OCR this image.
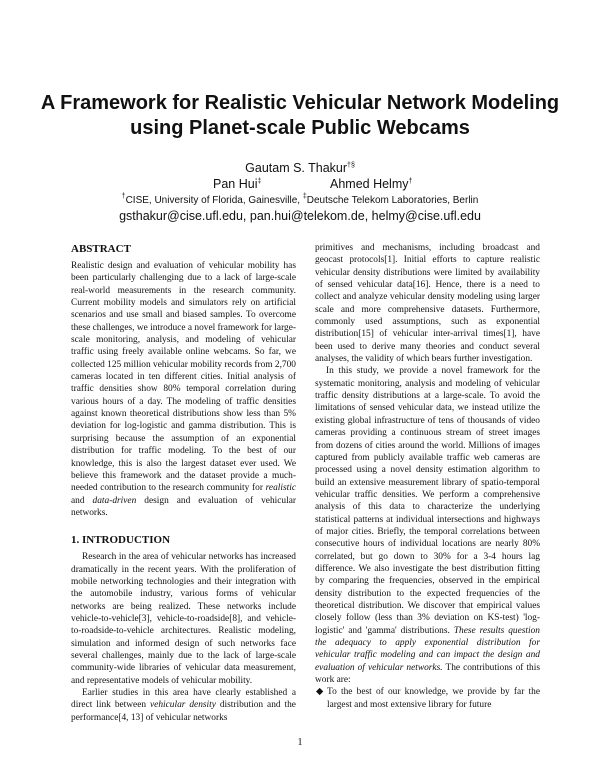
A Framework for Realistic Vehicular Network Modeling
using Planet-scale Public Webcams
Gautam S. Thakur†§
Pan Hui‡	Ahmed Helmy†
†CISE, University of Florida, Gainesville, ‡Deutsche Telekom Laboratories, Berlin
gsthakur@cise.ufl.edu, pan.hui@telekom.de, helmy@cise.ufl.edu
ABSTRACT

Realistic design and evaluation of vehicular mobility has been particularly challenging due to a lack of large-scale real-world measurements in the research community. Current mobility models and simulators rely on artificial scenarios and use small and biased samples. To overcome these challenges, we introduce a novel framework for large-scale monitoring, analysis, and modeling of vehicular traffic using freely available online webcams. So far, we collected 125 million vehicular mobility records from 2,700 cameras located in ten different cities. Initial analysis of traffic densities show 80% temporal correlation during various hours of a day. The modeling of traffic densities against known theoretical distributions show less than 5% deviation for log-logistic and gamma distribution. This is surprising because the assumption of an exponential distribution for traffic modeling. To the best of our knowledge, this is also the largest dataset ever used. We believe this framework and the dataset provide a much-needed contribution to the research community for realistic and data-driven design and evaluation of vehicular networks.

1. INTRODUCTION

Research in the area of vehicular networks has increased dramatically in the recent years. With the proliferation of mobile networking technologies and their integration with the automobile industry, various forms of vehicular networks are being realized. These networks include vehicle-to-vehicle[3], vehicle-to-roadside[8], and vehicle-to-roadside-to-vehicle architectures. Realistic modeling, simulation and informed design of such networks face several challenges, mainly due to the lack of large-scale community-wide libraries of vehicular data measurement, and representative models of vehicular mobility.

Earlier studies in this area have clearly established a direct link between vehicular density distribution and the performance[4, 13] of vehicular networks

primitives and mechanisms, including broadcast and geocast protocols[1]. Initial efforts to capture realistic vehicular density distributions were limited by availability of sensed vehicular data[16]. Hence, there is a need to collect and analyze vehicular density modeling using larger scale and more comprehensive datasets. Furthermore, commonly used assumptions, such as exponential distribution[15] of vehicular inter-arrival times[1], have been used to derive many theories and conduct several analyses, the validity of which bears further investigation.

In this study, we provide a novel framework for the systematic monitoring, analysis and modeling of vehicular traffic density distributions at a large-scale. To avoid the limitations of sensed vehicular data, we instead utilize the existing global infrastructure of tens of thousands of video cameras providing a continuous stream of street images from dozens of cities around the world. Millions of images captured from publicly available traffic web cameras are processed using a novel density estimation algorithm to build an extensive measurement library of spatio-temporal vehicular traffic densities. We perform a comprehensive analysis of this data to characterize the underlying statistical patterns at individual intersections and highways of major cities. Briefly, the temporal correlations between consecutive hours of individual locations are nearly 80% correlated, but go down to 30% for a 3-4 hours lag difference. We also investigate the best distribution fitting by comparing the frequencies, observed in the empirical density distribution to the expected frequencies of the theoretical distribution. We discover that empirical values closely follow (less than 3% deviation on KS-test) 'log-logistic' and 'gamma' distributions. These results question the adequacy to apply exponential distribution for vehicular traffic modeling and can impact the design and evaluation of vehicular networks. The contributions of this work are:

◆ To the best of our knowledge, we provide by far the largest and most extensive library for future

1
